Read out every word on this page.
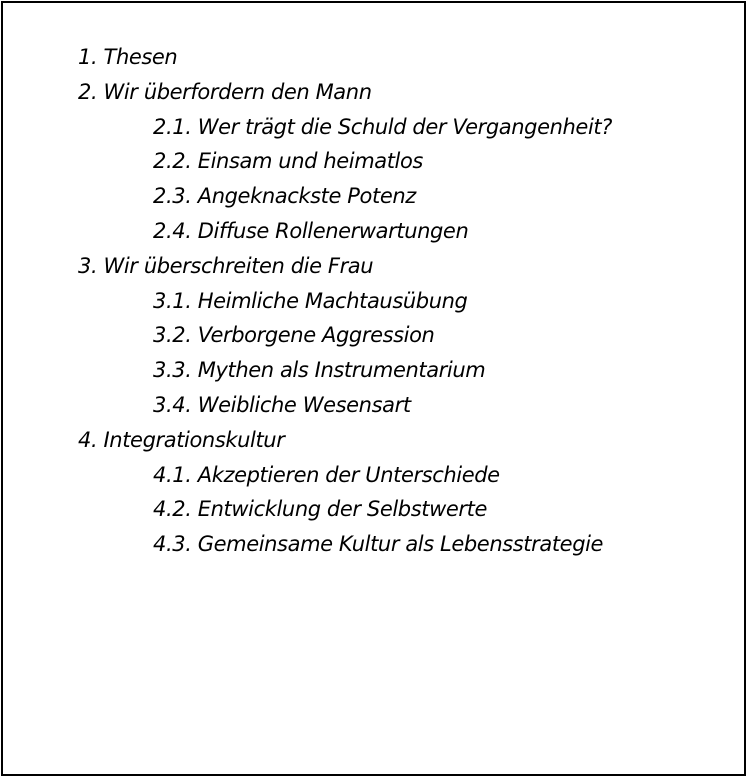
1. Thesen
2. Wir überfordern den Mann
2.1. Wer trägt die Schuld der Vergangenheit?
2.2. Einsam und heimatlos
2.3. Angeknackste Potenz
2.4. Diffuse Rollenerwartungen
3. Wir überschreiten die Frau
3.1. Heimliche Machtausübung
3.2. Verborgene Aggression
3.3. Mythen als Instrumentarium
3.4. Weibliche Wesensart
4. Integrationskultur
4.1. Akzeptieren der Unterschiede
4.2. Entwicklung der Selbstwerte
4.3. Gemeinsame Kultur als Lebensstrategie
